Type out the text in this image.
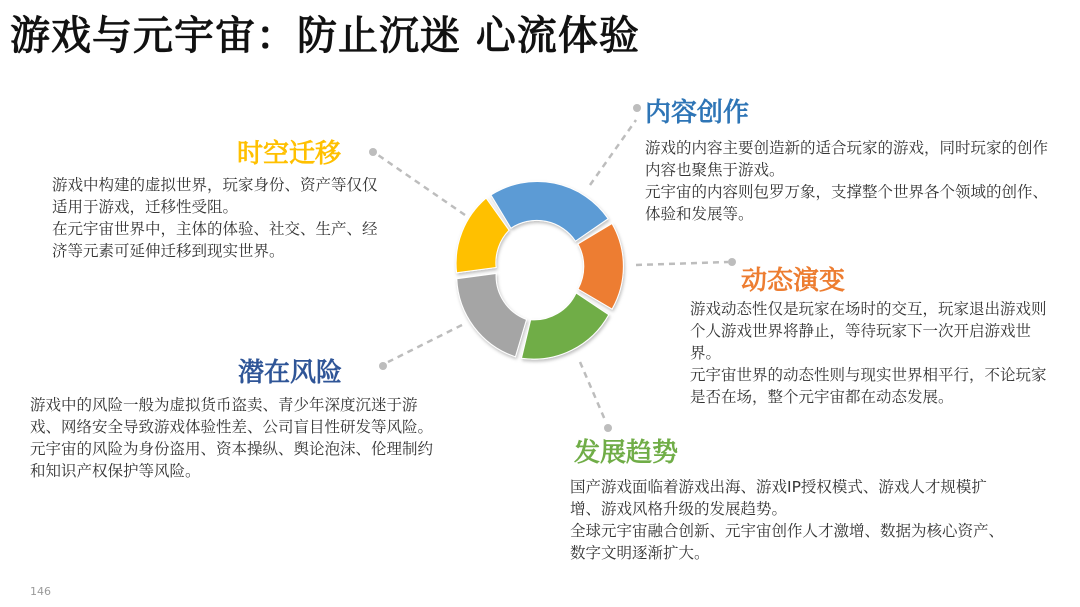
游戏与元宇宙：防止沉迷 心流体验
内容创作

游戏的内容主要创造新的适合玩家的游戏，同时玩家的创作内容也聚焦于游戏。

元宇宙的内容则包罗万象，支撑整个世界各个领域的创作、体验和发展等。

时空迁移

游戏中构建的虚拟世界，玩家身份、资产等仅仅适用于游戏，迁移性受阻。

在元宇宙世界中，主体的体验、社交、生产、经济等元素可延伸迁移到现实世界。

动态演变

游戏动态性仅是玩家在场时的交互，玩家退出游戏则个人游戏世界将静止，等待玩家下一次开启游戏世界。

元宇宙世界的动态性则与现实世界相平行，不论玩家是否在场，整个元宇宙都在动态发展。

潜在风险

游戏中的风险一般为虚拟货币盗卖、青少年深度沉迷于游戏、网络安全导致游戏体验性差、公司盲目性研发等风险。

元宇宙的风险为身份盗用、资本操纵、舆论泡沫、伦理制约和知识产权保护等风险。

发展趋势

国产游戏面临着游戏出海、游戏IP授权模式、游戏人才规模扩增、游戏风格升级的发展趋势。

全球元宇宙融合创新、元宇宙创作人才激增、数据为核心资产、数字文明逐渐扩大。

146
